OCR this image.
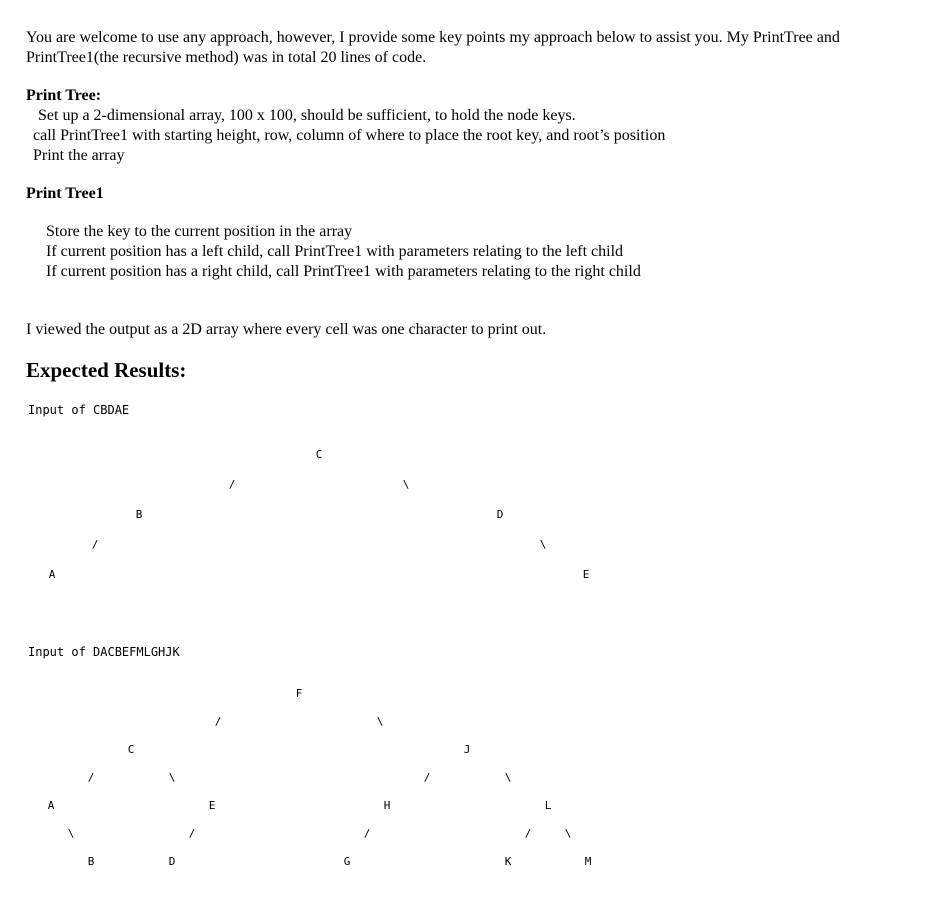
You are welcome to use any approach, however, I provide some key points my approach below to assist you. My PrintTree and
PrintTree1(the recursive method) was in total 20 lines of code.
Print Tree:
Set up a 2-dimensional array, 100 x 100, should be sufficient, to hold the node keys.
call PrintTree1 with starting height, row, column of where to place the root key, and root’s position
Print the array
Print Tree1
Store the key to the current position in the array
If current position has a left child, call PrintTree1 with parameters relating to the left child
If current position has a right child, call PrintTree1 with parameters relating to the right child
I viewed the output as a 2D array where every cell was one character to print out.
Expected Results:
Input of CBDAE
C
/	\
B	D
/	\
A	E
Input of DACBEFMLGHJK
F
/	\
C	J
/	\	/	\
A	E	H	L
\	/	/	/	\
B	D	G	K	M
